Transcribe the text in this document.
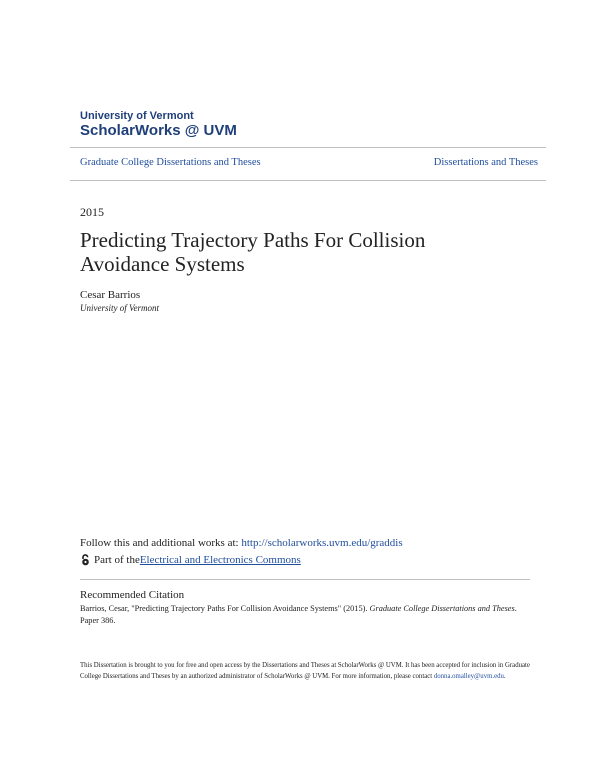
University of Vermont
ScholarWorks @ UVM
Graduate College Dissertations and Theses	Dissertations and Theses
2015
Predicting Trajectory Paths For Collision Avoidance Systems
Cesar Barrios
University of Vermont
Follow this and additional works at: http://scholarworks.uvm.edu/graddis
Part of the Electrical and Electronics Commons
Recommended Citation
Barrios, Cesar, "Predicting Trajectory Paths For Collision Avoidance Systems" (2015). Graduate College Dissertations and Theses. Paper 386.
This Dissertation is brought to you for free and open access by the Dissertations and Theses at ScholarWorks @ UVM. It has been accepted for inclusion in Graduate College Dissertations and Theses by an authorized administrator of ScholarWorks @ UVM. For more information, please contact donna.omalley@uvm.edu.
